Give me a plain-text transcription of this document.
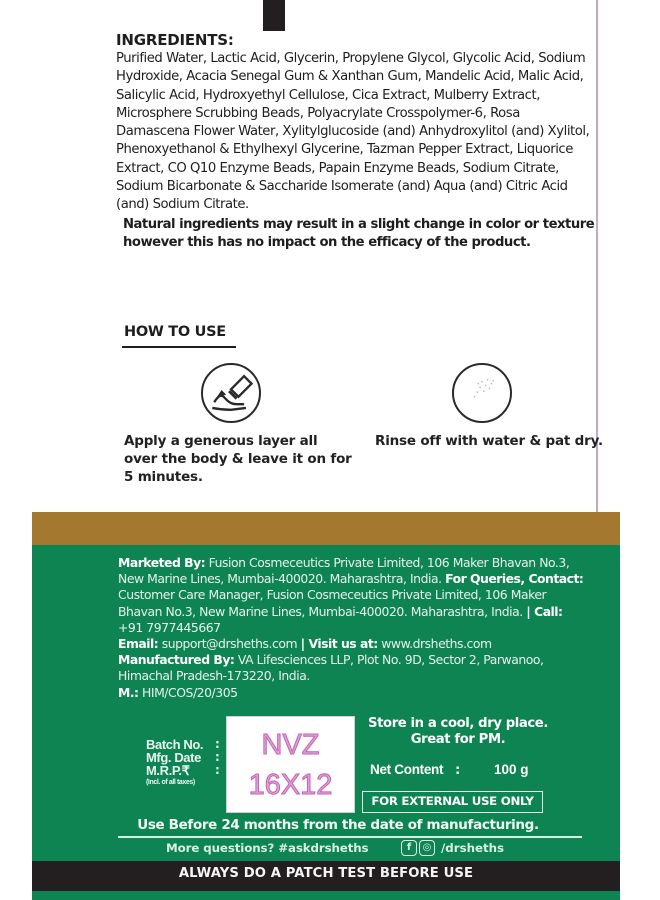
INGREDIENTS:
Purified Water, Lactic Acid, Glycerin, Propylene Glycol, Glycolic Acid, Sodium Hydroxide, Acacia Senegal Gum & Xanthan Gum, Mandelic Acid, Malic Acid, Salicylic Acid, Hydroxyethyl Cellulose, Cica Extract, Mulberry Extract, Microsphere Scrubbing Beads, Polyacrylate Crosspolymer-6, Rosa Damascena Flower Water, Xylitylglucoside (and) Anhydroxylitol (and) Xylitol, Phenoxyethanol & Ethylhexyl Glycerine, Tazman Pepper Extract, Liquorice Extract, CO Q10 Enzyme Beads, Papain Enzyme Beads, Sodium Citrate, Sodium Bicarbonate & Saccharide Isomerate (and) Aqua (and) Citric Acid (and) Sodium Citrate.
Natural ingredients may result in a slight change in color or texture however this has no impact on the efficacy of the product.
HOW TO USE
Apply a generous layer all over the body & leave it on for 5 minutes.
Rinse off with water & pat dry.
Marketed By: Fusion Cosmeceutics Private Limited, 106 Maker Bhavan No.3, New Marine Lines, Mumbai-400020. Maharashtra, India. For Queries, Contact: Customer Care Manager, Fusion Cosmeceutics Private Limited, 106 Maker Bhavan No.3, New Marine Lines, Mumbai-400020. Maharashtra, India. | Call: +91 7977445667
Email: support@drsheths.com | Visit us at: www.drsheths.com
Manufactured By: VA Lifesciences LLP, Plot No. 9D, Sector 2, Parwanoo, Himachal Pradesh-173220, India.
M.: HIM/COS/20/305
Batch No.
Mfg. Date
M.R.P.₹
(Incl. of all taxes)
:
:
:
NVZ
16X12
Store in a cool, dry place.
Great for PM.
Net Content : 100 g
FOR EXTERNAL USE ONLY
Use Before 24 months from the date of manufacturing.
More questions? #askdrsheths	f	◎ /drsheths
ALWAYS DO A PATCH TEST BEFORE USE
